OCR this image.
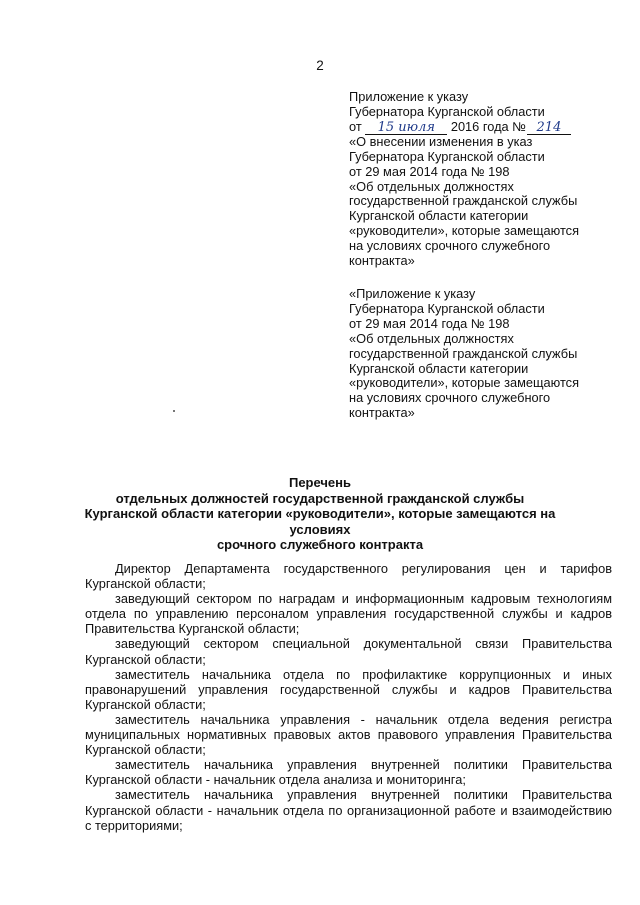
2
Приложение к указу
Губернатора Курганской области
от 15 июля 2016 года № 214
«О внесении изменения в указ
Губернатора Курганской области
от 29 мая 2014 года № 198
«Об отдельных должностях
государственной гражданской службы
Курганской области категории
«руководители», которые замещаются
на условиях срочного служебного
контракта»
«Приложение к указу
Губернатора Курганской области
от 29 мая 2014 года № 198
«Об отдельных должностях
государственной гражданской службы
Курганской области категории
«руководители», которые замещаются
на условиях срочного служебного
контракта»
Перечень
отдельных должностей государственной гражданской службы
Курганской области категории «руководители», которые замещаются на условиях
срочного служебного контракта

Директор Департамента государственного регулирования цен и тарифов Курганской области;

заведующий сектором по наградам и информационным кадровым технологиям отдела по управлению персоналом управления государственной службы и кадров Правительства Курганской области;

заведующий сектором специальной документальной связи Правительства Курганской области;

заместитель начальника отдела по профилактике коррупционных и иных правонарушений управления государственной службы и кадров Правительства Курганской области;

заместитель начальника управления - начальник отдела ведения регистра муниципальных нормативных правовых актов правового управления Правительства Курганской области;

заместитель начальника управления внутренней политики Правительства Курганской области - начальник отдела анализа и мониторинга;

заместитель начальника управления внутренней политики Правительства Курганской области - начальник отдела по организационной работе и взаимодействию с территориями;
